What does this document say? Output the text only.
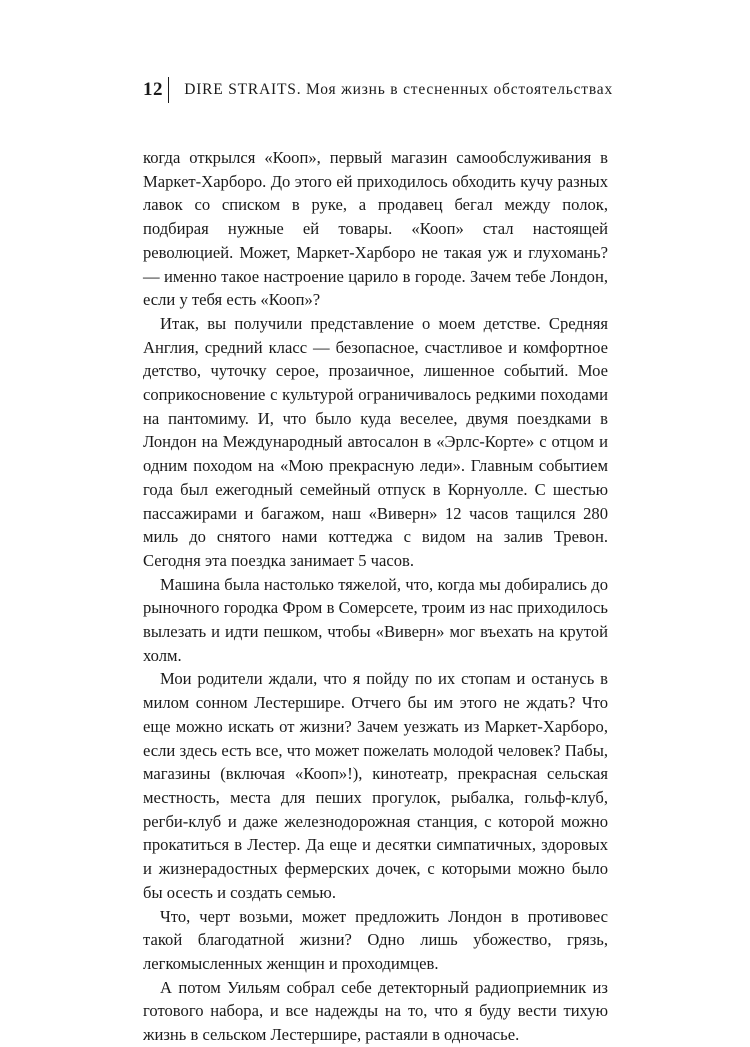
12 DIRE STRAITS. Моя жизнь в стесненных обстоятельствах

когда открылся «Кооп», первый магазин самообслуживания в Маркет-Харборо. До этого ей приходилось обходить кучу разных лавок со списком в руке, а продавец бегал между полок, подбирая нужные ей товары. «Кооп» стал настоящей революцией. Может, Маркет-Харборо не такая уж и глухомань? — именно такое настроение царило в городе. Зачем тебе Лондон, если у тебя есть «Кооп»?

Итак, вы получили представление о моем детстве. Средняя Англия, средний класс — безопасное, счастливое и комфортное детство, чуточку серое, прозаичное, лишенное событий. Мое соприкосновение с культурой ограничивалось редкими походами на пантомиму. И, что было куда веселее, двумя поездками в Лондон на Международный автосалон в «Эрлс-Корте» с отцом и одним походом на «Мою прекрасную леди». Главным событием года был ежегодный семейный отпуск в Корнуолле. С шестью пассажирами и багажом, наш «Виверн» 12 часов тащился 280 миль до снятого нами коттеджа с видом на залив Тревон. Сегодня эта поездка занимает 5 часов.

Машина была настолько тяжелой, что, когда мы добирались до рыночного городка Фром в Сомерсете, троим из нас приходилось вылезать и идти пешком, чтобы «Виверн» мог въехать на крутой холм.

Мои родители ждали, что я пойду по их стопам и останусь в милом сонном Лестершире. Отчего бы им этого не ждать? Что еще можно искать от жизни? Зачем уезжать из Маркет-Харборо, если здесь есть все, что может пожелать молодой человек? Пабы, магазины (включая «Кооп»!), кинотеатр, прекрасная сельская местность, места для пеших прогулок, рыбалка, гольф-клуб, регби-клуб и даже железнодорожная станция, с которой можно прокатиться в Лестер. Да еще и десятки симпатичных, здоровых и жизнерадостных фермерских дочек, с которыми можно было бы осесть и создать семью.

Что, черт возьми, может предложить Лондон в противовес такой благодатной жизни? Одно лишь убожество, грязь, легкомысленных женщин и проходимцев.

А потом Уильям собрал себе детекторный радиоприемник из готового набора, и все надежды на то, что я буду вести тихую жизнь в сельском Лестершире, растаяли в одночасье.
